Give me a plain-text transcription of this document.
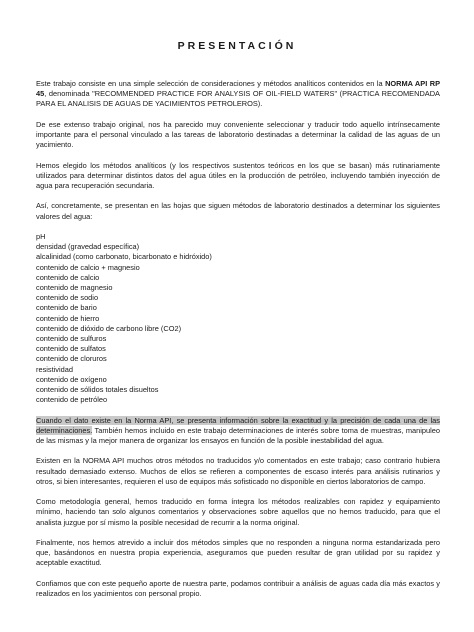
PRESENTACIÓN

Este trabajo consiste en una simple selección de consideraciones y métodos analíticos contenidos en la NORMA API RP 45, denominada "RECOMMENDED PRACTICE FOR ANALYSIS OF OIL-FIELD WATERS" (PRACTICA RECOMENDADA PARA EL ANALISIS DE AGUAS DE YACIMIENTOS PETROLEROS).

De ese extenso trabajo original, nos ha parecido muy conveniente seleccionar y traducir todo aquello intrínsecamente importante para el personal vinculado a las tareas de laboratorio destinadas a determinar la calidad de las aguas de un yacimiento.

Hemos elegido los métodos analíticos (y los respectivos sustentos teóricos en los que se basan) más rutinariamente utilizados para determinar distintos datos del agua útiles en la producción de petróleo, incluyendo también inyección de agua para recuperación secundaria.

Así, concretamente, se presentan en las hojas que siguen métodos de laboratorio destinados a determinar los siguientes valores del agua:

pH
densidad (gravedad específica)
alcalinidad (como carbonato, bicarbonato e hidróxido)
contenido de calcio + magnesio
contenido de calcio
contenido de magnesio
contenido de sodio
contenido de bario
contenido de hierro
contenido de dióxido de carbono libre (CO2)
contenido de sulfuros
contenido de sulfatos
contenido de cloruros
resistividad
contenido de oxígeno
contenido de sólidos totales disueltos
contenido de petróleo

Cuando el dato existe en la Norma API, se presenta información sobre la exactitud y la precisión de cada una de las determinaciones. También hemos incluido en este trabajo determinaciones de interés sobre toma de muestras, manipuleo de las mismas y la mejor manera de organizar los ensayos en función de la posible inestabilidad del agua.

Existen en la NORMA API muchos otros métodos no traducidos y/o comentados en este trabajo; caso contrario hubiera resultado demasiado extenso. Muchos de ellos se refieren a componentes de escaso interés para análisis rutinarios y otros, si bien interesantes, requieren el uso de equipos más sofisticado no disponible en ciertos laboratorios de campo.

Como metodología general, hemos traducido en forma íntegra los métodos realizables con rapidez y equipamiento mínimo, haciendo tan solo algunos comentarios y observaciones sobre aquellos que no hemos traducido, para que el analista juzgue por sí mismo la posible necesidad de recurrir a la norma original.

Finalmente, nos hemos atrevido a incluir dos métodos simples que no responden a ninguna norma estandarizada pero que, basándonos en nuestra propia experiencia, aseguramos que pueden resultar de gran utilidad por su rapidez y aceptable exactitud.

Confiamos que con este pequeño aporte de nuestra parte, podamos contribuir a análisis de aguas cada día más exactos y realizados en los yacimientos con personal propio.
